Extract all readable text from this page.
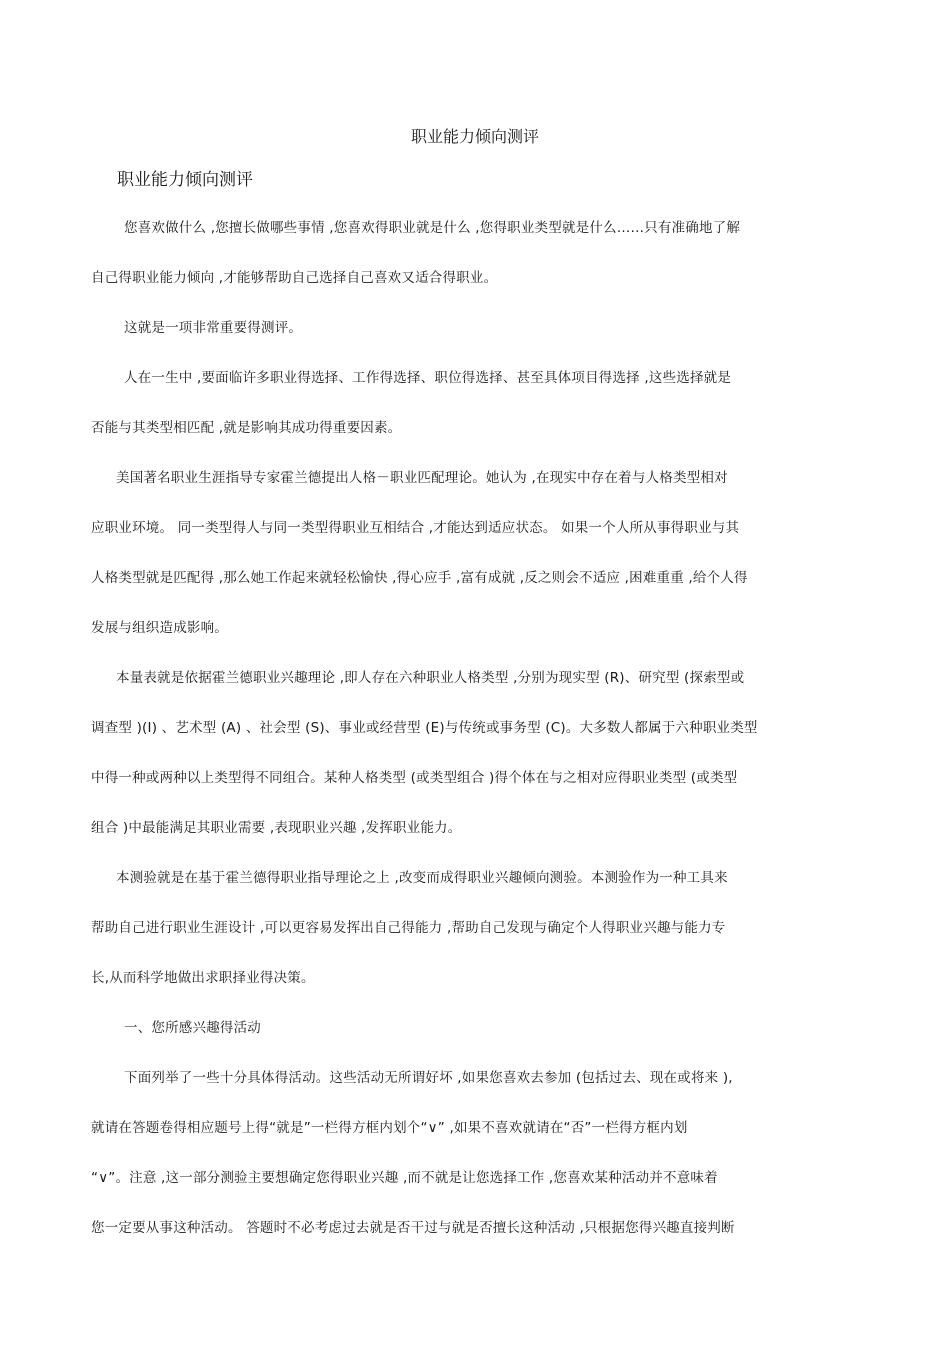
职业能力倾向测评
职业能力倾向测评
您喜欢做什么 ,您擅长做哪些事情 ,您喜欢得职业就是什么 ,您得职业类型就是什么……只有准确地了解
自己得职业能力倾向 ,才能够帮助自己选择自己喜欢又适合得职业。
这就是一项非常重要得测评。
人在一生中 ,要面临许多职业得选择、工作得选择、职位得选择、甚至具体项目得选择 ,这些选择就是
否能与其类型相匹配 ,就是影响其成功得重要因素。
美国著名职业生涯指导专家霍兰德提出人格－职业匹配理论。她认为 ,在现实中存在着与人格类型相对
应职业环境。 同一类型得人与同一类型得职业互相结合 ,才能达到适应状态。 如果一个人所从事得职业与其
人格类型就是匹配得 ,那么她工作起来就轻松愉快 ,得心应手 ,富有成就 ,反之则会不适应 ,困难重重 ,给个人得
发展与组织造成影响。
本量表就是依据霍兰德职业兴趣理论 ,即人存在六种职业人格类型 ,分别为现实型 (R)、研究型 (探索型或
调查型 )(I) 、艺术型 (A) 、社会型 (S)、事业或经营型 (E)与传统或事务型 (C)。大多数人都属于六种职业类型
中得一种或两种以上类型得不同组合。某种人格类型 (或类型组合 )得个体在与之相对应得职业类型 (或类型
组合 )中最能满足其职业需要 ,表现职业兴趣 ,发挥职业能力。
本测验就是在基于霍兰德得职业指导理论之上 ,改变而成得职业兴趣倾向测验。本测验作为一种工具来
帮助自己进行职业生涯设计 ,可以更容易发挥出自己得能力 ,帮助自己发现与确定个人得职业兴趣与能力专
长,从而科学地做出求职择业得决策。
一、您所感兴趣得活动
下面列举了一些十分具体得活动。这些活动无所谓好坏 ,如果您喜欢去参加 (包括过去、现在或将来 ),
就请在答题卷得相应题号上得“就是”一栏得方框内划个“∨” ,如果不喜欢就请在“否”一栏得方框内划
“∨”。注意 ,这一部分测验主要想确定您得职业兴趣 ,而不就是让您选择工作 ,您喜欢某种活动并不意味着
您一定要从事这种活动。 答题时不必考虑过去就是否干过与就是否擅长这种活动 ,只根据您得兴趣直接判断
